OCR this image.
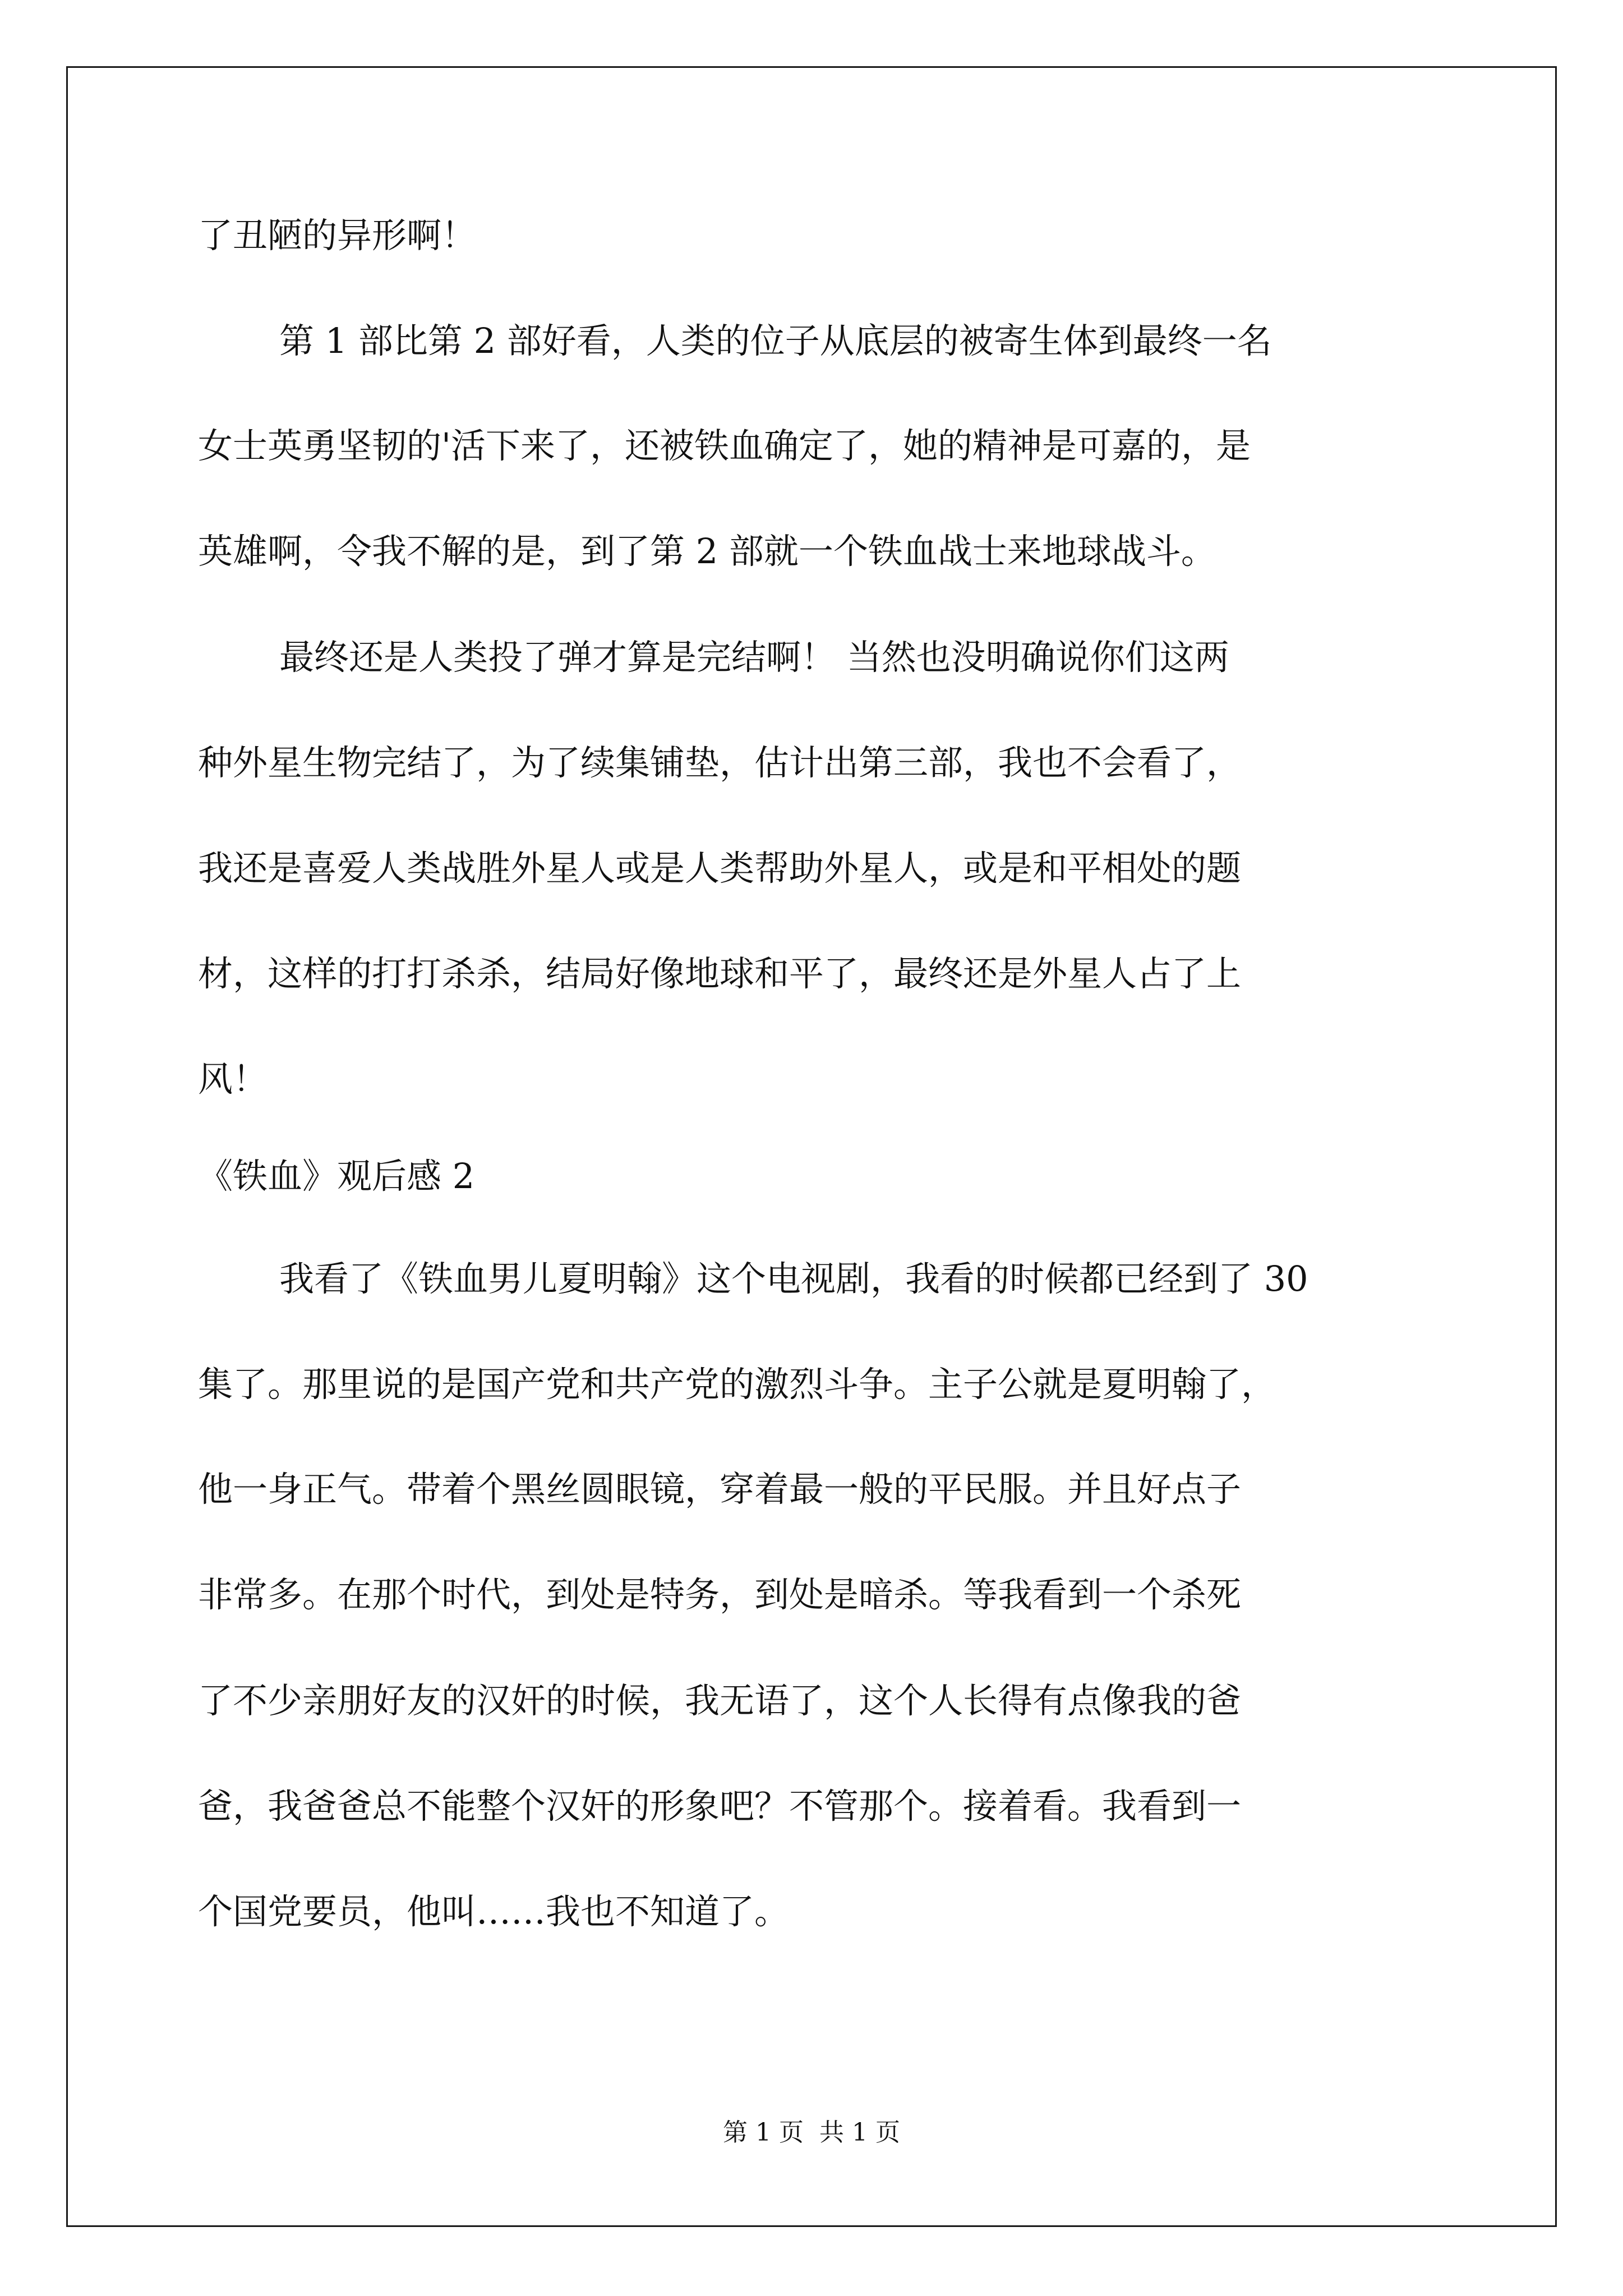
了丑陋的异形啊！
第 1 部比第 2 部好看，人类的位子从底层的被寄生体到最终一名
女士英勇坚韧的'活下来了，还被铁血确定了，她的精神是可嘉的，是
英雄啊，令我不解的是，到了第 2 部就一个铁血战士来地球战斗。
最终还是人类投了弹才算是完结啊！ 当然也没明确说你们这两
种外星生物完结了，为了续集铺垫，估计出第三部，我也不会看了，
我还是喜爱人类战胜外星人或是人类帮助外星人，或是和平相处的题
材，这样的打打杀杀，结局好像地球和平了，最终还是外星人占了上
风！
《铁血》观后感 2
我看了《铁血男儿夏明翰》这个电视剧，我看的时候都已经到了 30
集了。那里说的是国产党和共产党的激烈斗争。主子公就是夏明翰了，
他一身正气。带着个黑丝圆眼镜，穿着最一般的平民服。并且好点子
非常多。在那个时代，到处是特务，到处是暗杀。等我看到一个杀死
了不少亲朋好友的汉奸的时候，我无语了，这个人长得有点像我的爸
爸，我爸爸总不能整个汉奸的形象吧？不管那个。接着看。我看到一
个国党要员，他叫……我也不知道了。
第 1 页 共 1 页
